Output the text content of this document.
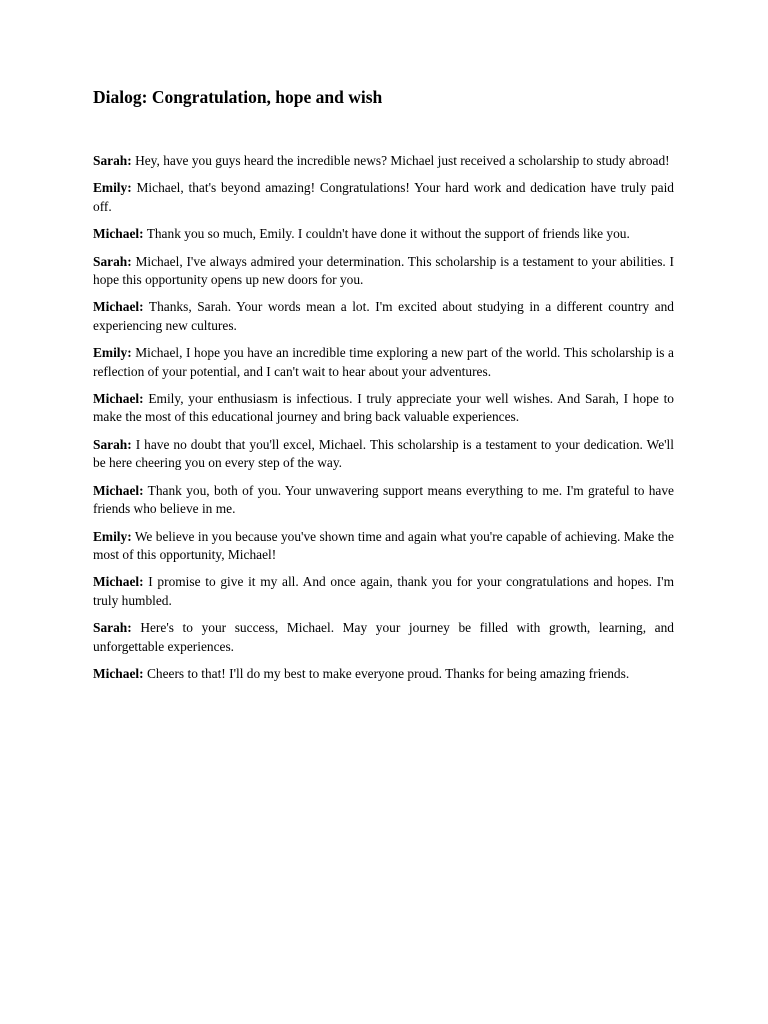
Dialog: Congratulation, hope and wish

Sarah: Hey, have you guys heard the incredible news? Michael just received a scholarship to study abroad!

Emily: Michael, that's beyond amazing! Congratulations! Your hard work and dedication have truly paid off.

Michael: Thank you so much, Emily. I couldn't have done it without the support of friends like you.

Sarah: Michael, I've always admired your determination. This scholarship is a testament to your abilities. I hope this opportunity opens up new doors for you.

Michael: Thanks, Sarah. Your words mean a lot. I'm excited about studying in a different country and experiencing new cultures.

Emily: Michael, I hope you have an incredible time exploring a new part of the world. This scholarship is a reflection of your potential, and I can't wait to hear about your adventures.

Michael: Emily, your enthusiasm is infectious. I truly appreciate your well wishes. And Sarah, I hope to make the most of this educational journey and bring back valuable experiences.

Sarah: I have no doubt that you'll excel, Michael. This scholarship is a testament to your dedication. We'll be here cheering you on every step of the way.

Michael: Thank you, both of you. Your unwavering support means everything to me. I'm grateful to have friends who believe in me.

Emily: We believe in you because you've shown time and again what you're capable of achieving. Make the most of this opportunity, Michael!

Michael: I promise to give it my all. And once again, thank you for your congratulations and hopes. I'm truly humbled.

Sarah: Here's to your success, Michael. May your journey be filled with growth, learning, and unforgettable experiences.

Michael: Cheers to that! I'll do my best to make everyone proud. Thanks for being amazing friends.
